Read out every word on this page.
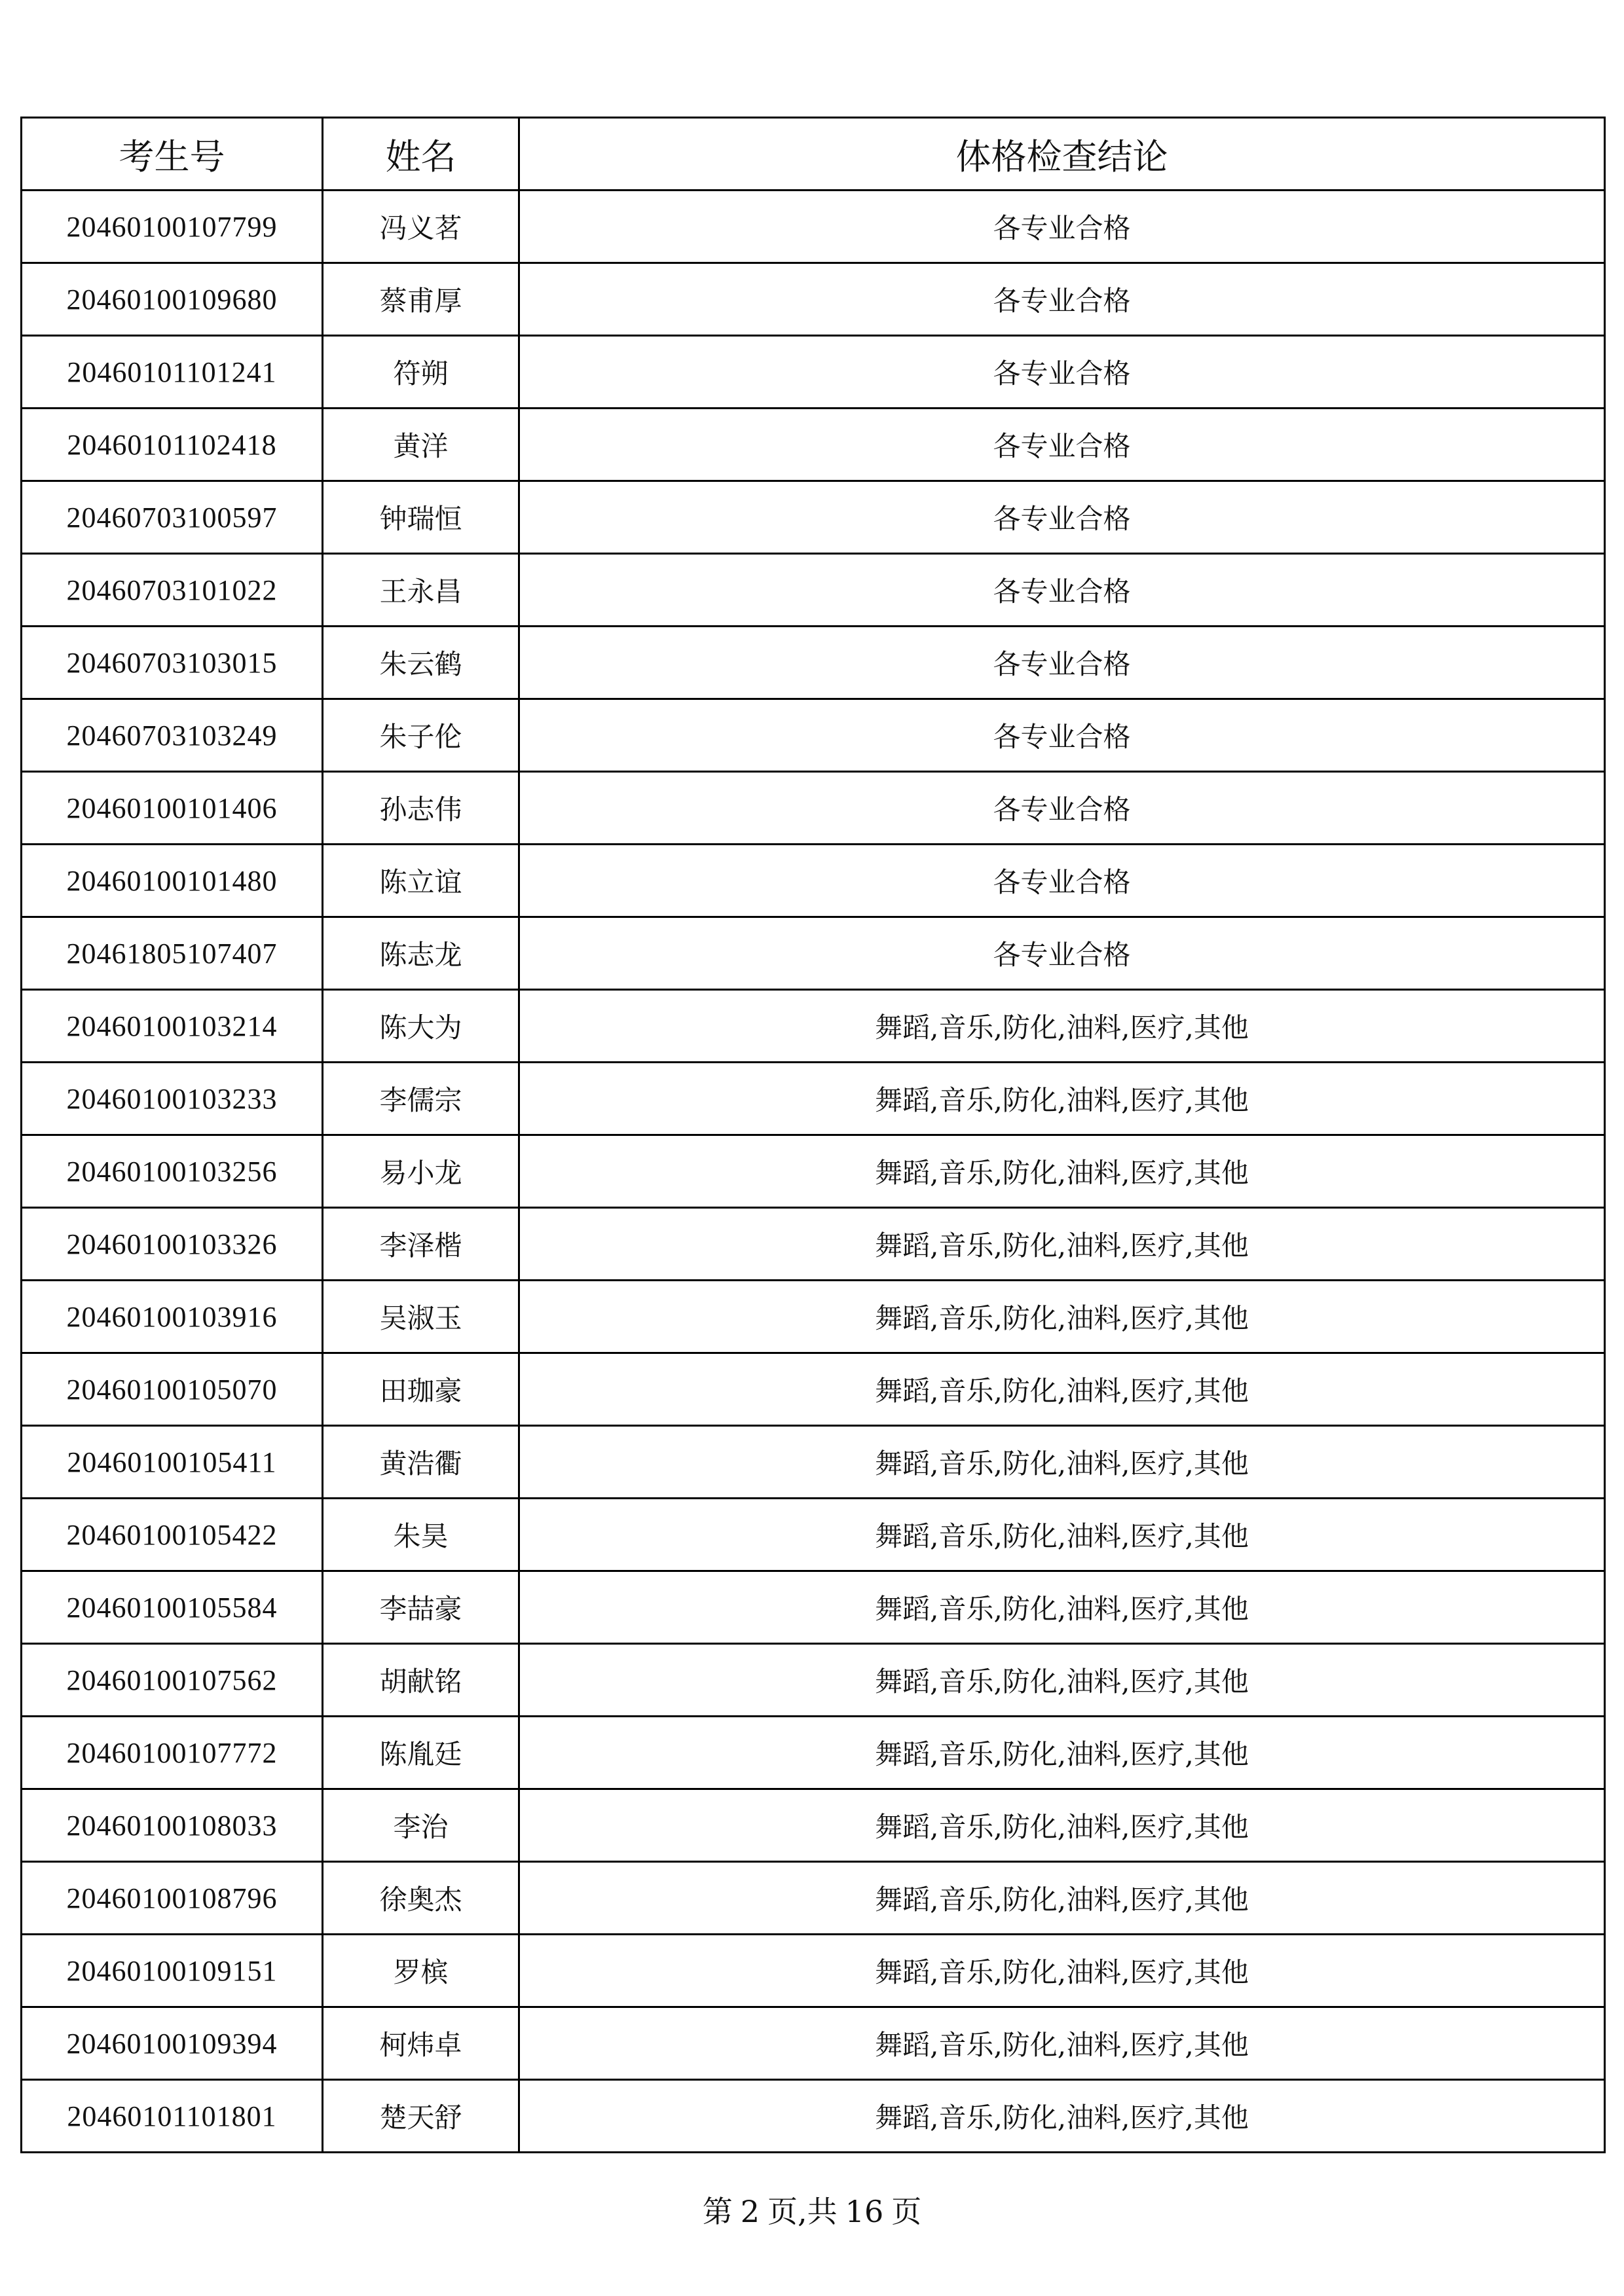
考生号	姓名	体格检查结论
20460100107799	冯义茗	各专业合格
20460100109680	蔡甫厚	各专业合格
20460101101241	符朔	各专业合格
20460101102418	黄洋	各专业合格
20460703100597	钟瑞恒	各专业合格
20460703101022	王永昌	各专业合格
20460703103015	朱云鹤	各专业合格
20460703103249	朱子伦	各专业合格
20460100101406	孙志伟	各专业合格
20460100101480	陈立谊	各专业合格
20461805107407	陈志龙	各专业合格
20460100103214	陈大为	舞蹈,音乐,防化,油料,医疗,其他
20460100103233	李儒宗	舞蹈,音乐,防化,油料,医疗,其他
20460100103256	易小龙	舞蹈,音乐,防化,油料,医疗,其他
20460100103326	李泽楷	舞蹈,音乐,防化,油料,医疗,其他
20460100103916	吴淑玉	舞蹈,音乐,防化,油料,医疗,其他
20460100105070	田珈豪	舞蹈,音乐,防化,油料,医疗,其他
20460100105411	黄浩衢	舞蹈,音乐,防化,油料,医疗,其他
20460100105422	朱昊	舞蹈,音乐,防化,油料,医疗,其他
20460100105584	李喆豪	舞蹈,音乐,防化,油料,医疗,其他
20460100107562	胡献铭	舞蹈,音乐,防化,油料,医疗,其他
20460100107772	陈胤廷	舞蹈,音乐,防化,油料,医疗,其他
20460100108033	李治	舞蹈,音乐,防化,油料,医疗,其他
20460100108796	徐奥杰	舞蹈,音乐,防化,油料,医疗,其他
20460100109151	罗槟	舞蹈,音乐,防化,油料,医疗,其他
20460100109394	柯炜卓	舞蹈,音乐,防化,油料,医疗,其他
20460101101801	楚天舒	舞蹈,音乐,防化,油料,医疗,其他
第 2 页,共 16 页
